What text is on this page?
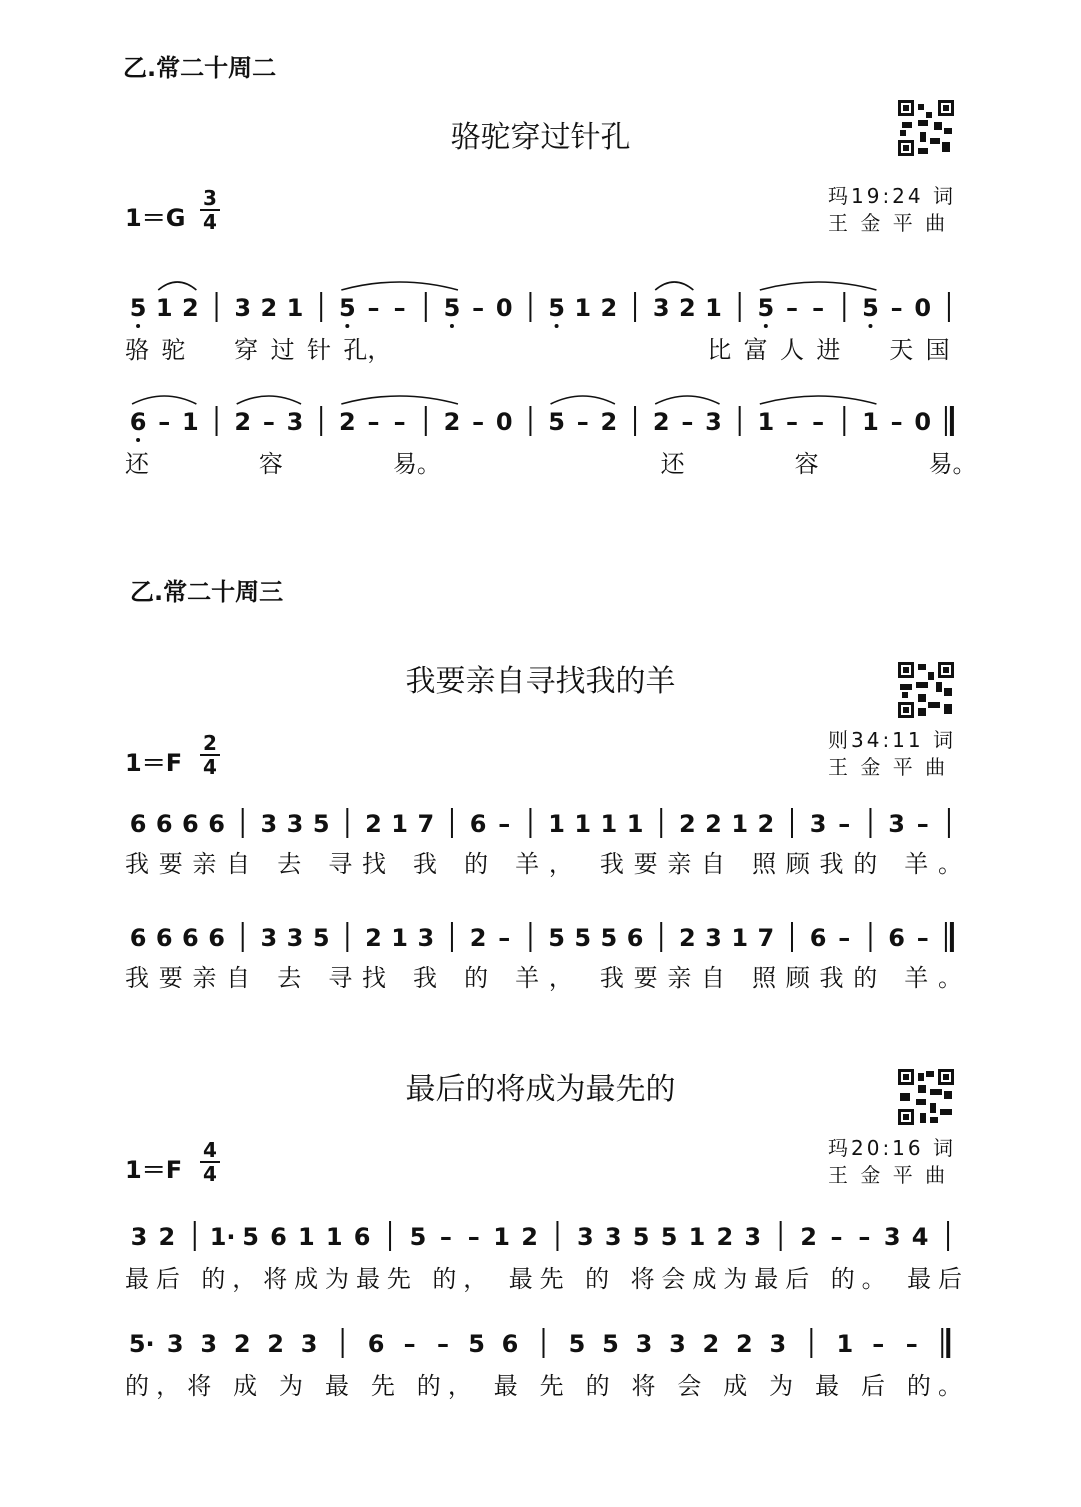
乙.常二十周二
骆驼穿过针孔
1＝G
玛19:24 词
王 金 平 曲
乙.常二十周三
我要亲自寻找我的羊
1＝F
则34:11 词
王 金 平 曲
最后的将成为最先的
1＝F
玛20:16 词
王 金 平 曲
3
4
2
4
4
4
5 1 2 3 2 1 5 – – 5 – 0 5 1 2 3 2 1 5 – – 5 – 0
骆 驼 穿 过 针 孔，	比 富 人 进 天 国
6 – 1 2 – 3 2 – – 2 – 0 5 – 2 2 – 3 1 – – 1 – 0
还	容	易。	还	容	易。
6 6 6 6 3 3 5 2 1 7 6 – 1 1 1 1 2 2 1 2 3 – 3 –
我要亲自 去 寻找 我 的 羊， 我要亲自 照顾我的 羊。
6 6 6 6 3 3 5 2 1 3 2 – 5 5 5 6 2 3 1 7 6 – 6 –
我要亲自 去 寻找 我 的 羊， 我要亲自 照顾我的 羊。
3 2 1· 5 6 1 1 6 5 – – 1 2 3 3 5 5 1 2 3 2 – – 3 4
最后 的，将成为最先 的， 最先 的 将会成为最后 的。 最后
5· 3 3 2 2 3 6 – – 5 6 5 5 3 3 2 2 3 1 – –
的，将 成 为 最 先 的， 最 先 的 将 会 成 为 最 后 的。
